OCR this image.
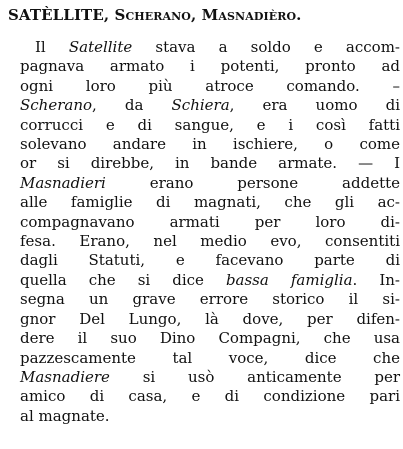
SATÈLLITE, Scherano, Masnadièro.
Il Satellite stava a soldo e accom-
pagnava armato i potenti, pronto ad
ogni loro più atroce comando. –
Scherano, da Schiera, era uomo di
corrucci e di sangue, e i così fatti
solevano andare in ischiere, o come
or si direbbe, in bande armate. — I
Masnadieri erano persone addette
alle famiglie di magnati, che gli ac-
compagnavano armati per loro di-
fesa. Erano, nel medio evo, consentiti
dagli Statuti, e facevano parte di
quella che si dice bassa famiglia. In-
segna un grave errore storico il si-
gnor Del Lungo, là dove, per difen-
dere il suo Dino Compagni, che usa
pazzescamente tal voce, dice che
Masnadiere si usò anticamente per
amico di casa, e di condizione pari
al magnate.
